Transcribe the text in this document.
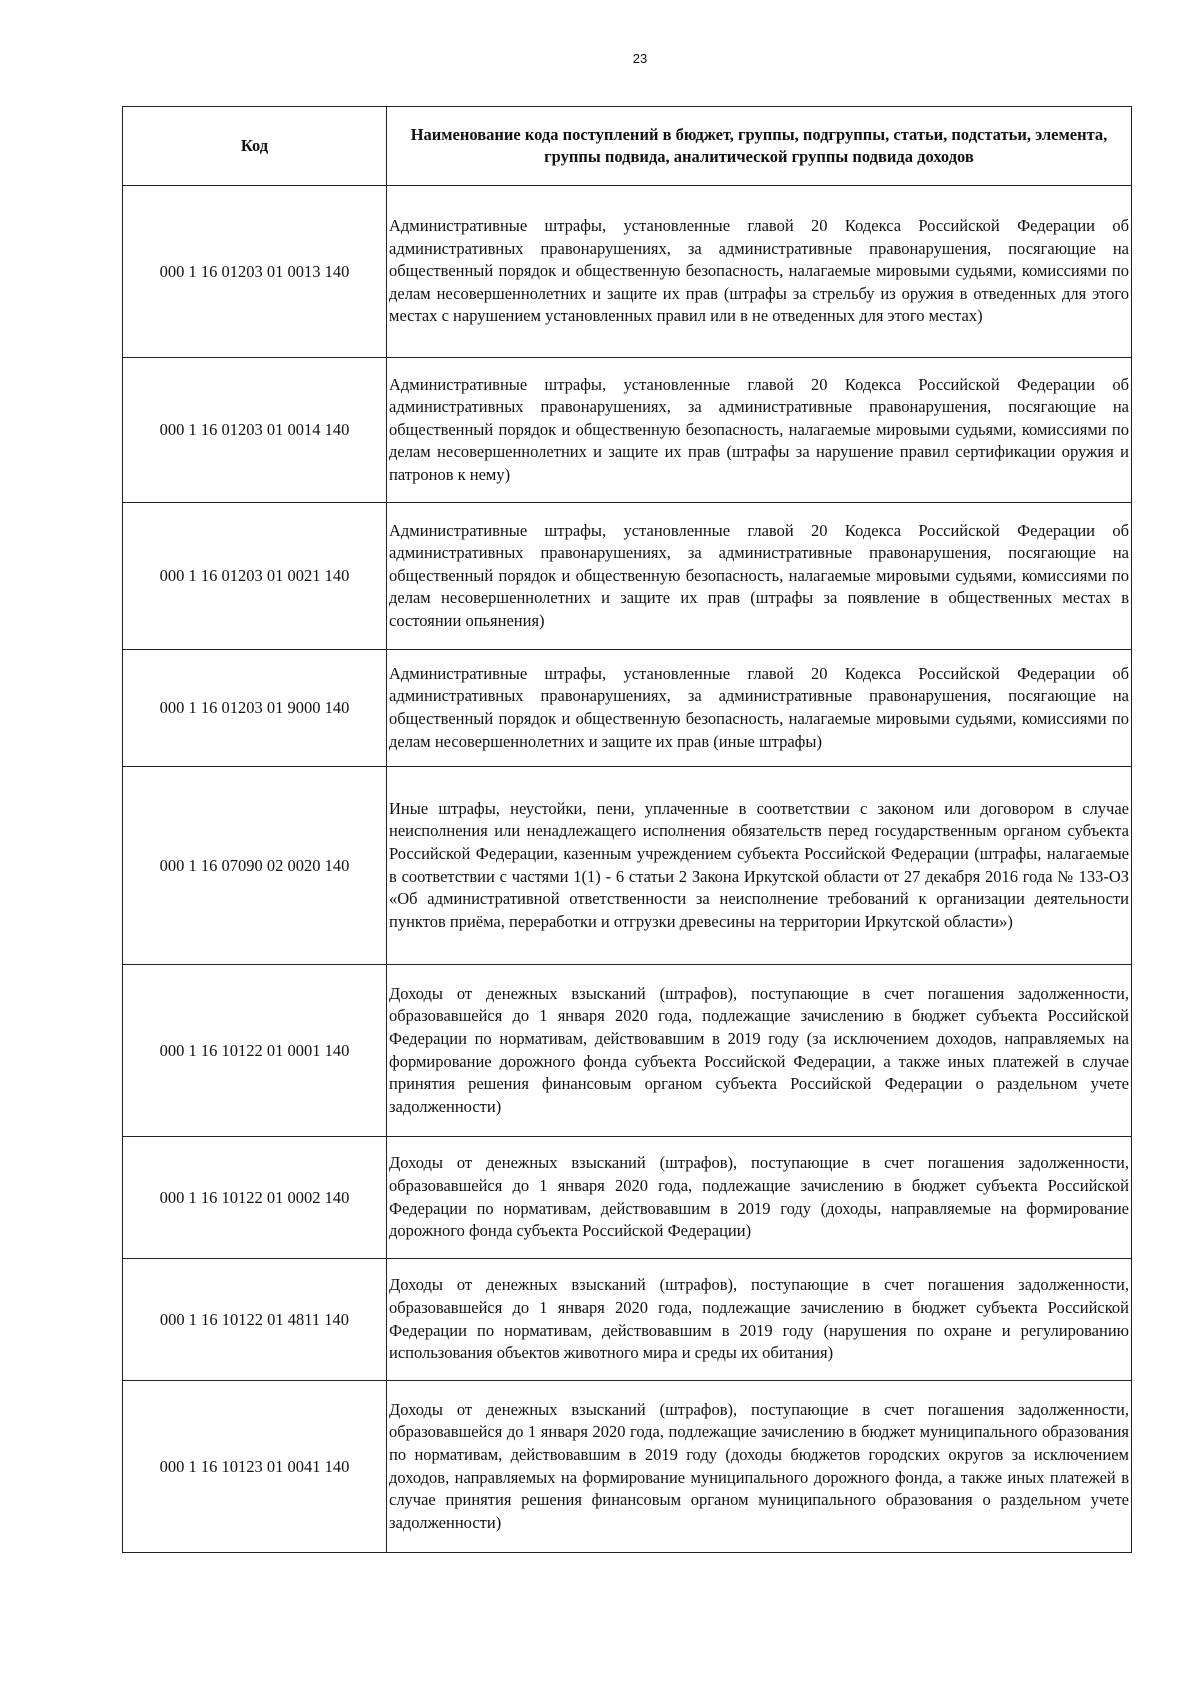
23
Код	Наименование кода поступлений в бюджет, группы, подгруппы, статьи, подстатьи, элемента, группы подвида, аналитической группы подвида доходов
000 1 16 01203 01 0013 140	Административные штрафы, установленные главой 20 Кодекса Российской Федерации об административных правонарушениях, за административные правонарушения, посягающие на общественный порядок и общественную безопасность, налагаемые мировыми судьями, комиссиями по делам несовершеннолетних и защите их прав (штрафы за стрельбу из оружия в отведенных для этого местах с нарушением установленных правил или в не отведенных для этого местах)
000 1 16 01203 01 0014 140	Административные штрафы, установленные главой 20 Кодекса Российской Федерации об административных правонарушениях, за административные правонарушения, посягающие на общественный порядок и общественную безопасность, налагаемые мировыми судьями, комиссиями по делам несовершеннолетних и защите их прав (штрафы за нарушение правил сертификации оружия и патронов к нему)
000 1 16 01203 01 0021 140	Административные штрафы, установленные главой 20 Кодекса Российской Федерации об административных правонарушениях, за административные правонарушения, посягающие на общественный порядок и общественную безопасность, налагаемые мировыми судьями, комиссиями по делам несовершеннолетних и защите их прав (штрафы за появление в общественных местах в состоянии опьянения)
000 1 16 01203 01 9000 140	Административные штрафы, установленные главой 20 Кодекса Российской Федерации об административных правонарушениях, за административные правонарушения, посягающие на общественный порядок и общественную безопасность, налагаемые мировыми судьями, комиссиями по делам несовершеннолетних и защите их прав (иные штрафы)
000 1 16 07090 02 0020 140	Иные штрафы, неустойки, пени, уплаченные в соответствии с законом или договором в случае неисполнения или ненадлежащего исполнения обязательств перед государственным органом субъекта Российской Федерации, казенным учреждением субъекта Российской Федерации (штрафы, налагаемые в соответствии с частями 1(1) - 6 статьи 2 Закона Иркутской области от 27 декабря 2016 года № 133-ОЗ «Об административной ответственности за неисполнение требований к организации деятельности пунктов приёма, переработки и отгрузки древесины на территории Иркутской области»)
000 1 16 10122 01 0001 140	Доходы от денежных взысканий (штрафов), поступающие в счет погашения задолженности, образовавшейся до 1 января 2020 года, подлежащие зачислению в бюджет субъекта Российской Федерации по нормативам, действовавшим в 2019 году (за исключением доходов, направляемых на формирование дорожного фонда субъекта Российской Федерации, а также иных платежей в случае принятия решения финансовым органом субъекта Российской Федерации о раздельном учете задолженности)
000 1 16 10122 01 0002 140	Доходы от денежных взысканий (штрафов), поступающие в счет погашения задолженности, образовавшейся до 1 января 2020 года, подлежащие зачислению в бюджет субъекта Российской Федерации по нормативам, действовавшим в 2019 году (доходы, направляемые на формирование дорожного фонда субъекта Российской Федерации)
000 1 16 10122 01 4811 140	Доходы от денежных взысканий (штрафов), поступающие в счет погашения задолженности, образовавшейся до 1 января 2020 года, подлежащие зачислению в бюджет субъекта Российской Федерации по нормативам, действовавшим в 2019 году (нарушения по охране и регулированию использования объектов животного мира и среды их обитания)
000 1 16 10123 01 0041 140	Доходы от денежных взысканий (штрафов), поступающие в счет погашения задолженности, образовавшейся до 1 января 2020 года, подлежащие зачислению в бюджет муниципального образования по нормативам, действовавшим в 2019 году (доходы бюджетов городских округов за исключением доходов, направляемых на формирование муниципального дорожного фонда, а также иных платежей в случае принятия решения финансовым органом муниципального образования о раздельном учете задолженности)
